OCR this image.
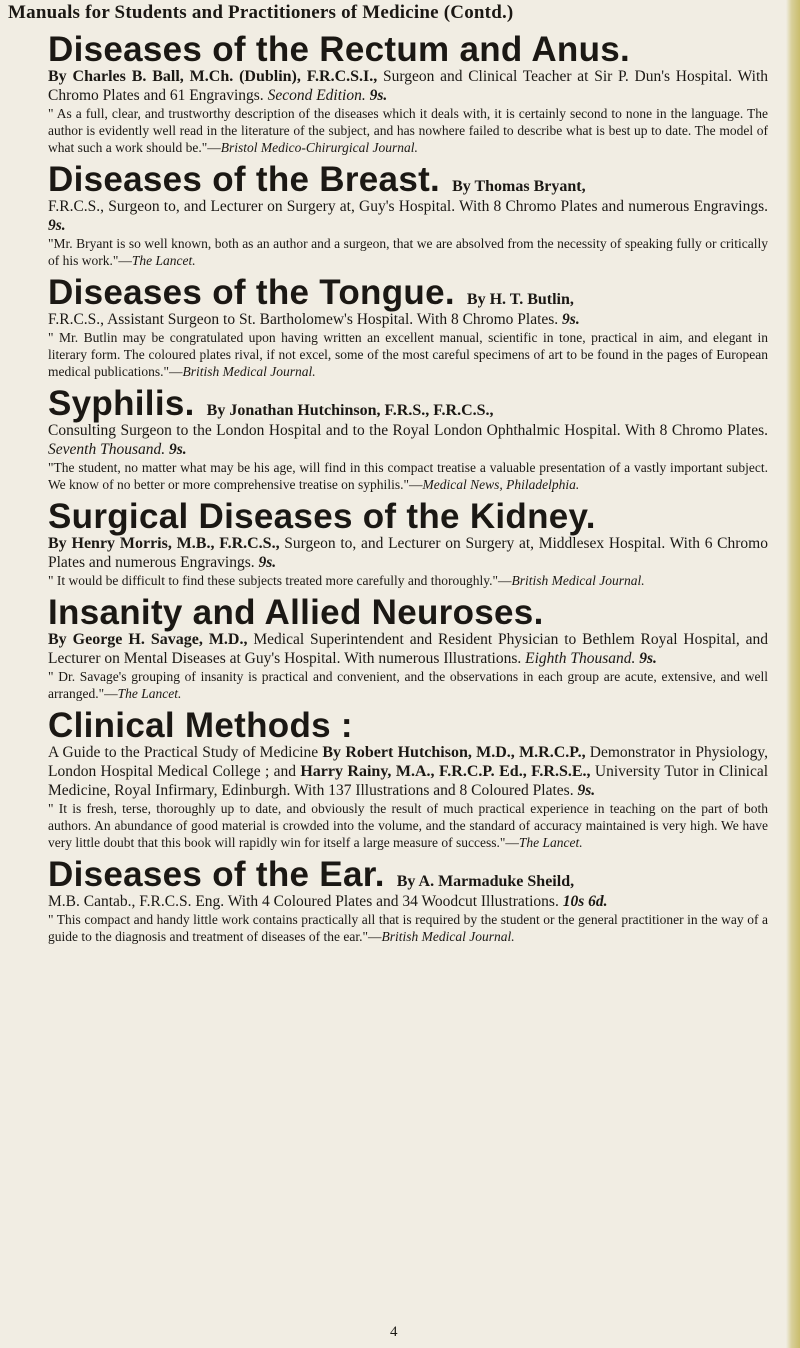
Manuals for Students and Practitioners of Medicine (Contd.)
Diseases of the Rectum and Anus.

By Charles B. Ball, M.Ch. (Dublin), F.R.C.S.I., Surgeon and Clinical Teacher at Sir P. Dun's Hospital. With Chromo Plates and 61 Engravings. Second Edition. 9s.

" As a full, clear, and trustworthy description of the diseases which it deals with, it is certainly second to none in the language. The author is evidently well read in the literature of the subject, and has nowhere failed to describe what is best up to date. The model of what such a work should be."—Bristol Medico-Chirurgical Journal.

Diseases of the Breast. By Thomas Bryant,

F.R.C.S., Surgeon to, and Lecturer on Surgery at, Guy's Hospital. With 8 Chromo Plates and numerous Engravings. 9s.

"Mr. Bryant is so well known, both as an author and a surgeon, that we are absolved from the necessity of speaking fully or critically of his work."—The Lancet.

Diseases of the Tongue. By H. T. Butlin,

F.R.C.S., Assistant Surgeon to St. Bartholomew's Hospital. With 8 Chromo Plates. 9s.

" Mr. Butlin may be congratulated upon having written an excellent manual, scientific in tone, practical in aim, and elegant in literary form. The coloured plates rival, if not excel, some of the most careful specimens of art to be found in the pages of European medical publications."—British Medical Journal.

Syphilis. By Jonathan Hutchinson, F.R.S., F.R.C.S.,

Consulting Surgeon to the London Hospital and to the Royal London Ophthalmic Hospital. With 8 Chromo Plates. Seventh Thousand. 9s.

"The student, no matter what may be his age, will find in this compact treatise a valuable presentation of a vastly important subject. We know of no better or more comprehensive treatise on syphilis."—Medical News, Philadelphia.

Surgical Diseases of the Kidney.

By Henry Morris, M.B., F.R.C.S., Surgeon to, and Lecturer on Surgery at, Middlesex Hospital. With 6 Chromo Plates and numerous Engravings. 9s.

" It would be difficult to find these subjects treated more carefully and thoroughly."—British Medical Journal.

Insanity and Allied Neuroses.

By George H. Savage, M.D., Medical Superintendent and Resident Physician to Bethlem Royal Hospital, and Lecturer on Mental Diseases at Guy's Hospital. With numerous Illustrations. Eighth Thousand. 9s.

" Dr. Savage's grouping of insanity is practical and convenient, and the observations in each group are acute, extensive, and well arranged."—The Lancet.

Clinical Methods :

A Guide to the Practical Study of Medicine By Robert Hutchison, M.D., M.R.C.P., Demonstrator in Physiology, London Hospital Medical College ; and Harry Rainy, M.A., F.R.C.P. Ed., F.R.S.E., University Tutor in Clinical Medicine, Royal Infirmary, Edinburgh. With 137 Illustrations and 8 Coloured Plates. 9s.

" It is fresh, terse, thoroughly up to date, and obviously the result of much practical experience in teaching on the part of both authors. An abundance of good material is crowded into the volume, and the standard of accuracy maintained is very high. We have very little doubt that this book will rapidly win for itself a large measure of success."—The Lancet.

Diseases of the Ear. By A. Marmaduke Sheild,

M.B. Cantab., F.R.C.S. Eng. With 4 Coloured Plates and 34 Woodcut Illustrations. 10s 6d.

" This compact and handy little work contains practically all that is required by the student or the general practitioner in the way of a guide to the diagnosis and treatment of diseases of the ear."—British Medical Journal.

4
